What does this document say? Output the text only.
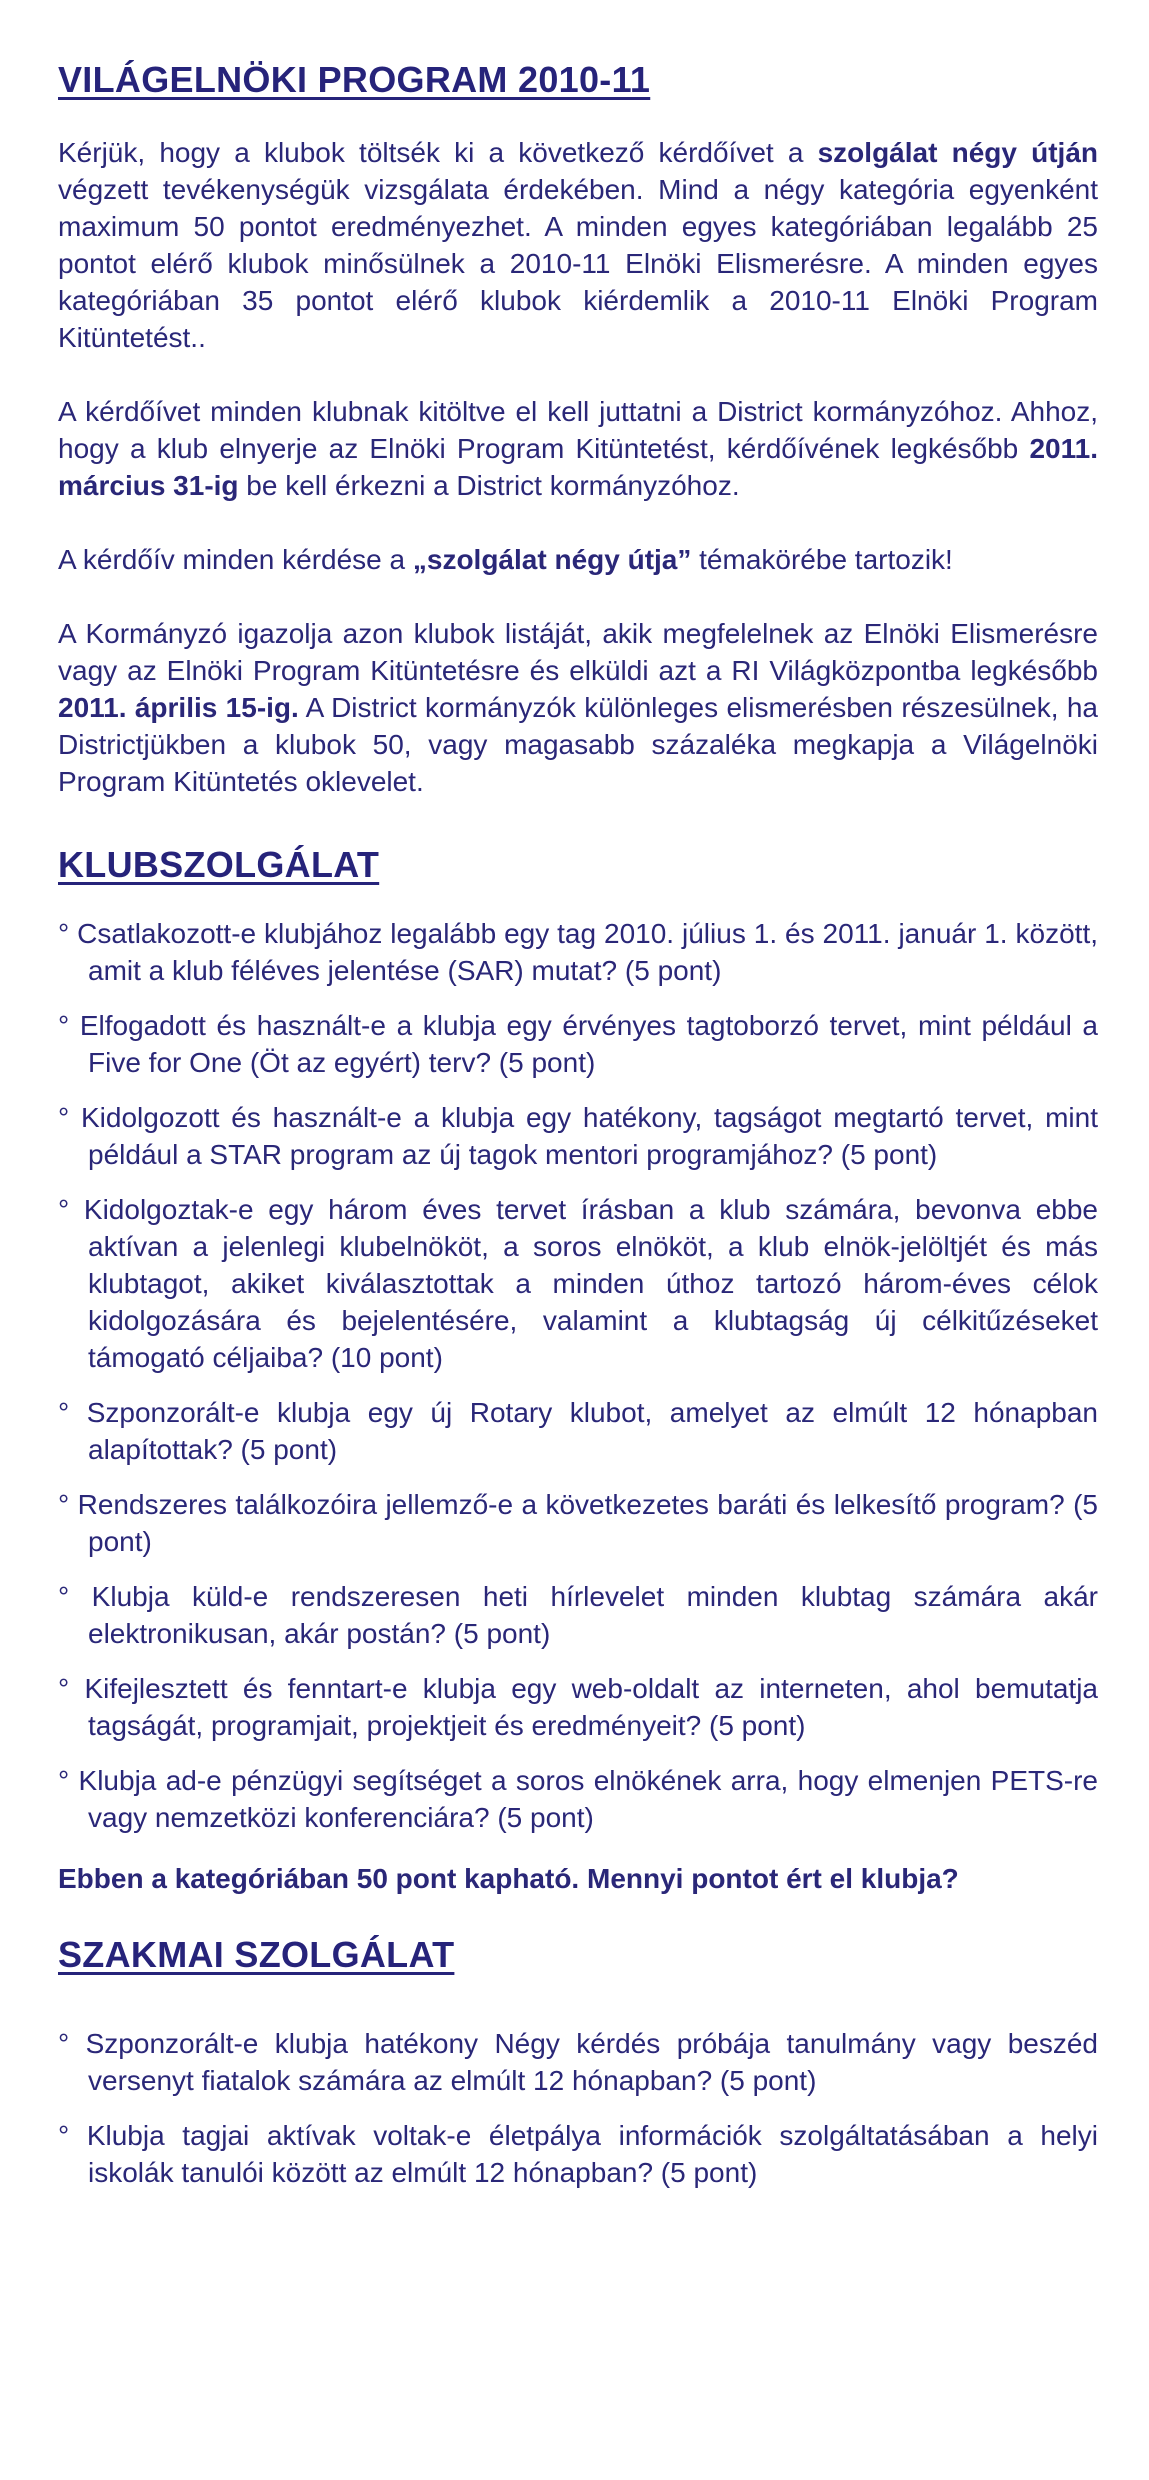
VILÁGELNÖKI PROGRAM 2010-11

Kérjük, hogy a klubok töltsék ki a következő kérdőívet a szolgálat négy útján végzett tevékenységük vizsgálata érdekében. Mind a négy kategória egyenként maximum 50 pontot eredményezhet. A minden egyes kategóriában legalább 25 pontot elérő klubok minősülnek a 2010-11 Elnöki Elismerésre. A minden egyes kategóriában 35 pontot elérő klubok kiérdemlik a 2010-11 Elnöki Program Kitüntetést..

A kérdőívet minden klubnak kitöltve el kell juttatni a District kormányzóhoz. Ahhoz, hogy a klub elnyerje az Elnöki Program Kitüntetést, kérdőívének legkésőbb 2011. március 31-ig be kell érkezni a District kormányzóhoz.

A kérdőív minden kérdése a „szolgálat négy útja” témakörébe tartozik!

A Kormányzó igazolja azon klubok listáját, akik megfelelnek az Elnöki Elismerésre vagy az Elnöki Program Kitüntetésre és elküldi azt a RI Világközpontba legkésőbb 2011. április 15-ig. A District kormányzók különleges elismerésben részesülnek, ha Districtjükben a klubok 50, vagy magasabb százaléka megkapja a Világelnöki Program Kitüntetés oklevelet.

KLUBSZOLGÁLAT
° Csatlakozott-e klubjához legalább egy tag 2010. július 1. és 2011. január 1. között, amit a klub féléves jelentése (SAR) mutat? (5 pont)
° Elfogadott és használt-e a klubja egy érvényes tagtoborzó tervet, mint például a Five for One (Öt az egyért) terv? (5 pont)
° Kidolgozott és használt-e a klubja egy hatékony, tagságot megtartó tervet, mint például a STAR program az új tagok mentori programjához? (5 pont)
° Kidolgoztak-e egy három éves tervet írásban a klub számára, bevonva ebbe aktívan a jelenlegi klubelnököt, a soros elnököt, a klub elnök-jelöltjét és más klubtagot, akiket kiválasztottak a minden úthoz tartozó három-éves célok kidolgozására és bejelentésére, valamint a klubtagság új célkitűzéseket támogató céljaiba? (10 pont)
° Szponzorált-e klubja egy új Rotary klubot, amelyet az elmúlt 12 hónapban alapítottak? (5 pont)
° Rendszeres találkozóira jellemző-e a következetes baráti és lelkesítő program? (5 pont)
° Klubja küld-e rendszeresen heti hírlevelet minden klubtag számára akár elektronikusan, akár postán? (5 pont)
° Kifejlesztett és fenntart-e klubja egy web-oldalt az interneten, ahol bemutatja tagságát, programjait, projektjeit és eredményeit? (5 pont)
° Klubja ad-e pénzügyi segítséget a soros elnökének arra, hogy elmenjen PETS-re vagy nemzetközi konferenciára? (5 pont)
Ebben a kategóriában 50 pont kapható. Mennyi pontot ért el klubja?
SZAKMAI SZOLGÁLAT
° Szponzorált-e klubja hatékony Négy kérdés próbája tanulmány vagy beszéd versenyt fiatalok számára az elmúlt 12 hónapban? (5 pont)
° Klubja tagjai aktívak voltak-e életpálya információk szolgáltatásában a helyi iskolák tanulói között az elmúlt 12 hónapban? (5 pont)
